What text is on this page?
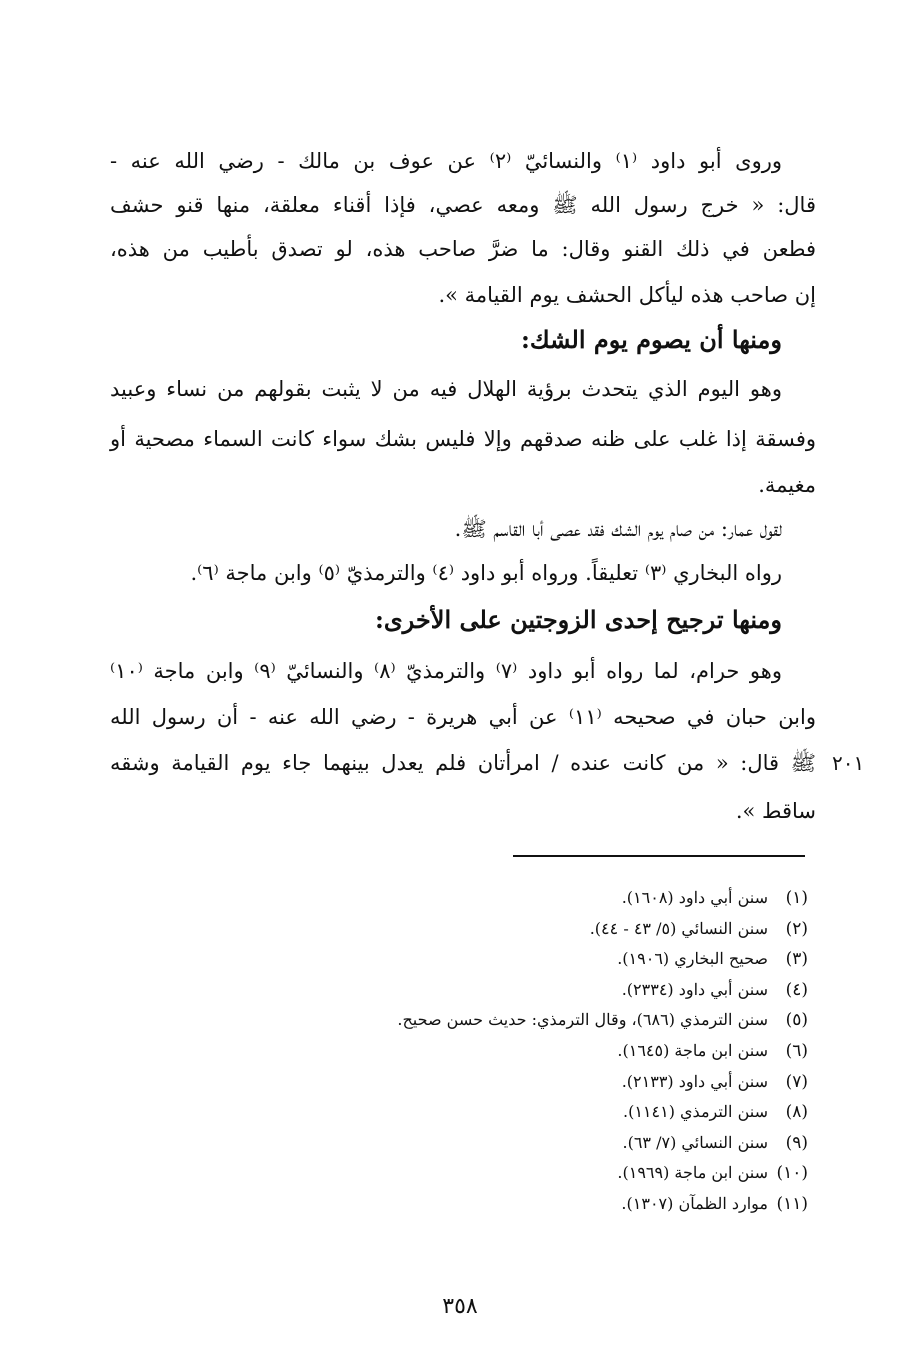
وروى أبو داود ⁽١⁾ والنسائيّ ⁽٢⁾ عن عوف بن مالك - رضي الله عنه -
قال: « خرج رسول الله ﷺ ومعه عصي، فإذا أقناء معلقة، منها قنو حشف
فطعن في ذلك القنو وقال: ما ضرَّ صاحب هذه، لو تصدق بأطيب من هذه،
إن صاحب هذه ليأكل الحشف يوم القيامة ».
ومنها أن يصوم يوم الشك:
وهو اليوم الذي يتحدث برؤية الهلال فيه من لا يثبت بقولهم من نساء وعبيد
وفسقة إذا غلب على ظنه صدقهم وإلا فليس بشك سواء كانت السماء مصحية أو
مغيمة.
لقول عمار: من صام يوم الشك فقد عصى أبا القاسم ﷺ.
رواه البخاري ⁽٣⁾ تعليقاً. ورواه أبو داود ⁽٤⁾ والترمذيّ ⁽٥⁾ وابن ماجة ⁽٦⁾.
ومنها ترجيح إحدى الزوجتين على الأخرى:
وهو حرام، لما رواه أبو داود ⁽٧⁾ والترمذيّ ⁽٨⁾ والنسائيّ ⁽٩⁾ وابن ماجة ⁽١٠⁾
وابن حبان في صحيحه ⁽١١⁾ عن أبي هريرة - رضي الله عنه - أن رسول الله
ﷺ قال: « من كانت عنده / امرأتان فلم يعدل بينهما جاء يوم القيامة وشقه
ساقط ».
٢٠١
(١)سنن أبي داود (١٦٠٨).
(٢)سنن النسائي (٥/ ٤٣ - ٤٤).
(٣)صحيح البخاري (١٩٠٦).
(٤)سنن أبي داود (٢٣٣٤).
(٥)سنن الترمذي (٦٨٦)، وقال الترمذي: حديث حسن صحيح.
(٦)سنن ابن ماجة (١٦٤٥).
(٧)سنن أبي داود (٢١٣٣).
(٨)سنن الترمذي (١١٤١).
(٩)سنن النسائي (٧/ ٦٣).
(١٠)سنن ابن ماجة (١٩٦٩).
(١١)موارد الظمآن (١٣٠٧).
٣٥٨
